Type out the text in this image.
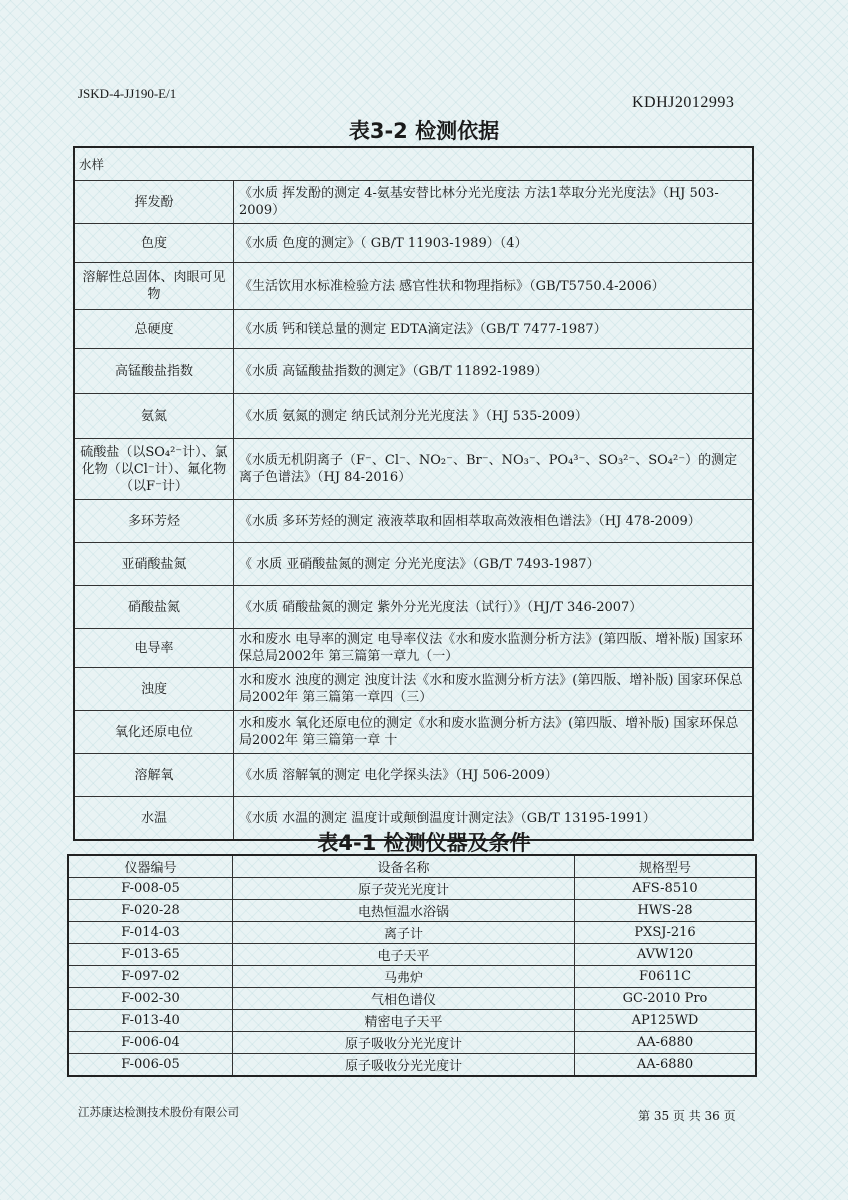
JSKD-4-JJ190-E/1
KDHJ2012993
表3-2 检测依据
水样	
挥发酚	《水质 挥发酚的测定 4-氨基安替比林分光光度法 方法1萃取分光光度法》（HJ 503-2009）
色度	《水质 色度的测定》（ GB/T 11903-1989）（4）
溶解性总固体、肉眼可见物	《生活饮用水标准检验方法 感官性状和物理指标》（GB/T5750.4-2006）
总硬度	《水质 钙和镁总量的测定 EDTA滴定法》（GB/T 7477-1987）
高锰酸盐指数	《水质 高锰酸盐指数的测定》（GB/T 11892-1989）
氨氮	《水质 氨氮的测定 纳氏试剂分光光度法 》（HJ 535-2009）
硫酸盐（以SO₄²⁻计）、氯化物（以Cl⁻计）、氟化物（以F⁻计）	《水质无机阴离子（F⁻、Cl⁻、NO₂⁻、Br⁻、NO₃⁻、PO₄³⁻、SO₃²⁻、SO₄²⁻）的测定 离子色谱法》（HJ 84-2016）
多环芳烃	《水质 多环芳烃的测定 液液萃取和固相萃取高效液相色谱法》（HJ 478-2009）
亚硝酸盐氮	《 水质 亚硝酸盐氮的测定 分光光度法》（GB/T 7493-1987）
硝酸盐氮	《水质 硝酸盐氮的测定 紫外分光光度法（试行）》（HJ/T 346-2007）
电导率	水和废水 电导率的测定 电导率仪法《水和废水监测分析方法》(第四版、增补版) 国家环保总局2002年 第三篇第一章九（一）
浊度	水和废水 浊度的测定 浊度计法《水和废水监测分析方法》(第四版、增补版) 国家环保总局2002年 第三篇第一章四（三）
氧化还原电位	水和废水 氧化还原电位的测定《水和废水监测分析方法》(第四版、增补版) 国家环保总局2002年 第三篇第一章 十
溶解氧	《水质 溶解氧的测定 电化学探头法》（HJ 506-2009）
水温	《水质 水温的测定 温度计或颠倒温度计测定法》（GB/T 13195-1991）
表4-1 检测仪器及条件
仪器编号	设备名称	规格型号
F-008-05	原子荧光光度计	AFS-8510
F-020-28	电热恒温水浴锅	HWS-28
F-014-03	离子计	PXSJ-216
F-013-65	电子天平	AVW120
F-097-02	马弗炉	F0611C
F-002-30	气相色谱仪	GC-2010 Pro
F-013-40	精密电子天平	AP125WD
F-006-04	原子吸收分光光度计	AA-6880
F-006-05	原子吸收分光光度计	AA-6880
江苏康达检测技术股份有限公司	第 35 页 共 36 页
